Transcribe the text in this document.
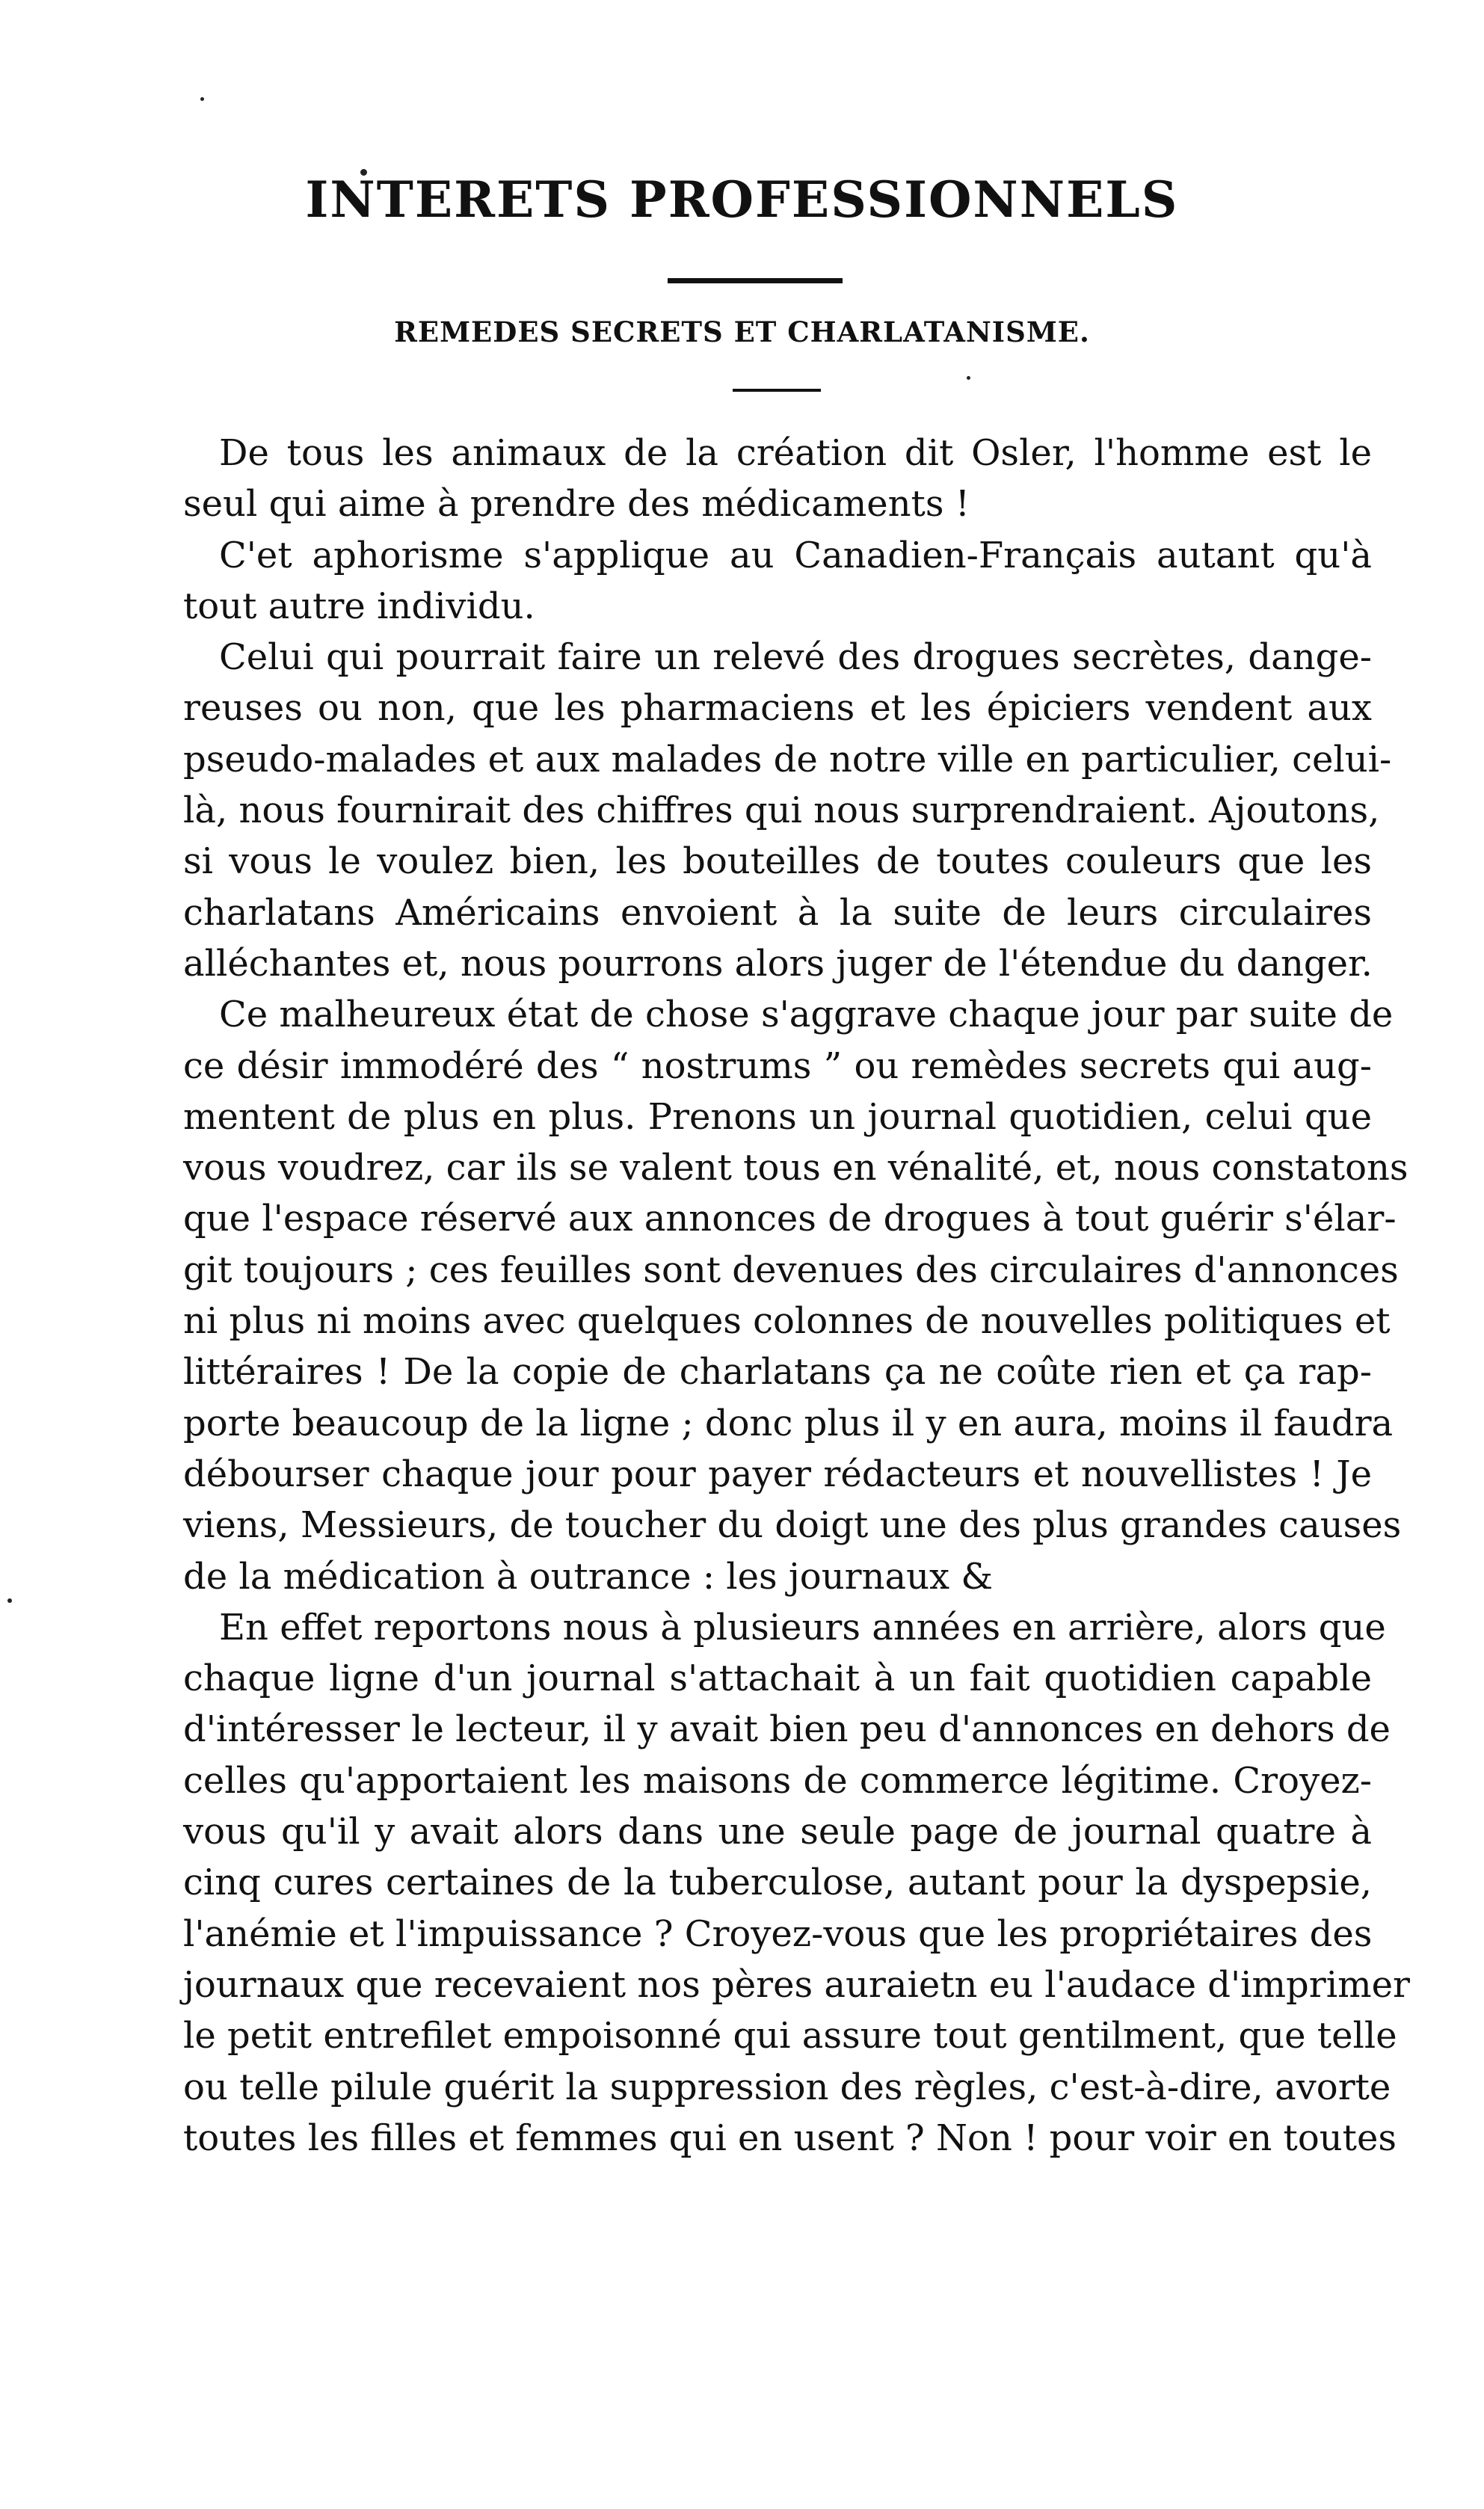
INTERETS PROFESSIONNELS
REMEDES SECRETS ET CHARLATANISME.
De tous les animaux de la création dit Osler, l'homme est le
seul qui aime à prendre des médicaments !
C'et aphorisme s'applique au Canadien-Français autant qu'à
tout autre individu.
Celui qui pourrait faire un relevé des drogues secrètes, dange-
reuses ou non, que les pharmaciens et les épiciers vendent aux
pseudo-malades et aux malades de notre ville en particulier, celui-
là, nous fournirait des chiffres qui nous surprendraient. Ajoutons,
si vous le voulez bien, les bouteilles de toutes couleurs que les
charlatans Américains envoient à la suite de leurs circulaires
alléchantes et, nous pourrons alors juger de l'étendue du danger.
Ce malheureux état de chose s'aggrave chaque jour par suite de
ce désir immodéré des “ nostrums ” ou remèdes secrets qui aug-
mentent de plus en plus. Prenons un journal quotidien, celui que
vous voudrez, car ils se valent tous en vénalité, et, nous constatons
que l'espace réservé aux annonces de drogues à tout guérir s'élar-
git toujours ; ces feuilles sont devenues des circulaires d'annonces
ni plus ni moins avec quelques colonnes de nouvelles politiques et
littéraires ! De la copie de charlatans ça ne coûte rien et ça rap-
porte beaucoup de la ligne ; donc plus il y en aura, moins il faudra
débourser chaque jour pour payer rédacteurs et nouvellistes ! Je
viens, Messieurs, de toucher du doigt une des plus grandes causes
de la médication à outrance : les journaux &
En effet reportons nous à plusieurs années en arrière, alors que
chaque ligne d'un journal s'attachait à un fait quotidien capable
d'intéresser le lecteur, il y avait bien peu d'annonces en dehors de
celles qu'apportaient les maisons de commerce légitime. Croyez-
vous qu'il y avait alors dans une seule page de journal quatre à
cinq cures certaines de la tuberculose, autant pour la dyspepsie,
l'anémie et l'impuissance ? Croyez-vous que les propriétaires des
journaux que recevaient nos pères auraietn eu l'audace d'imprimer
le petit entrefilet empoisonné qui assure tout gentilment, que telle
ou telle pilule guérit la suppression des règles, c'est-à-dire, avorte
toutes les filles et femmes qui en usent ? Non ! pour voir en toutes
